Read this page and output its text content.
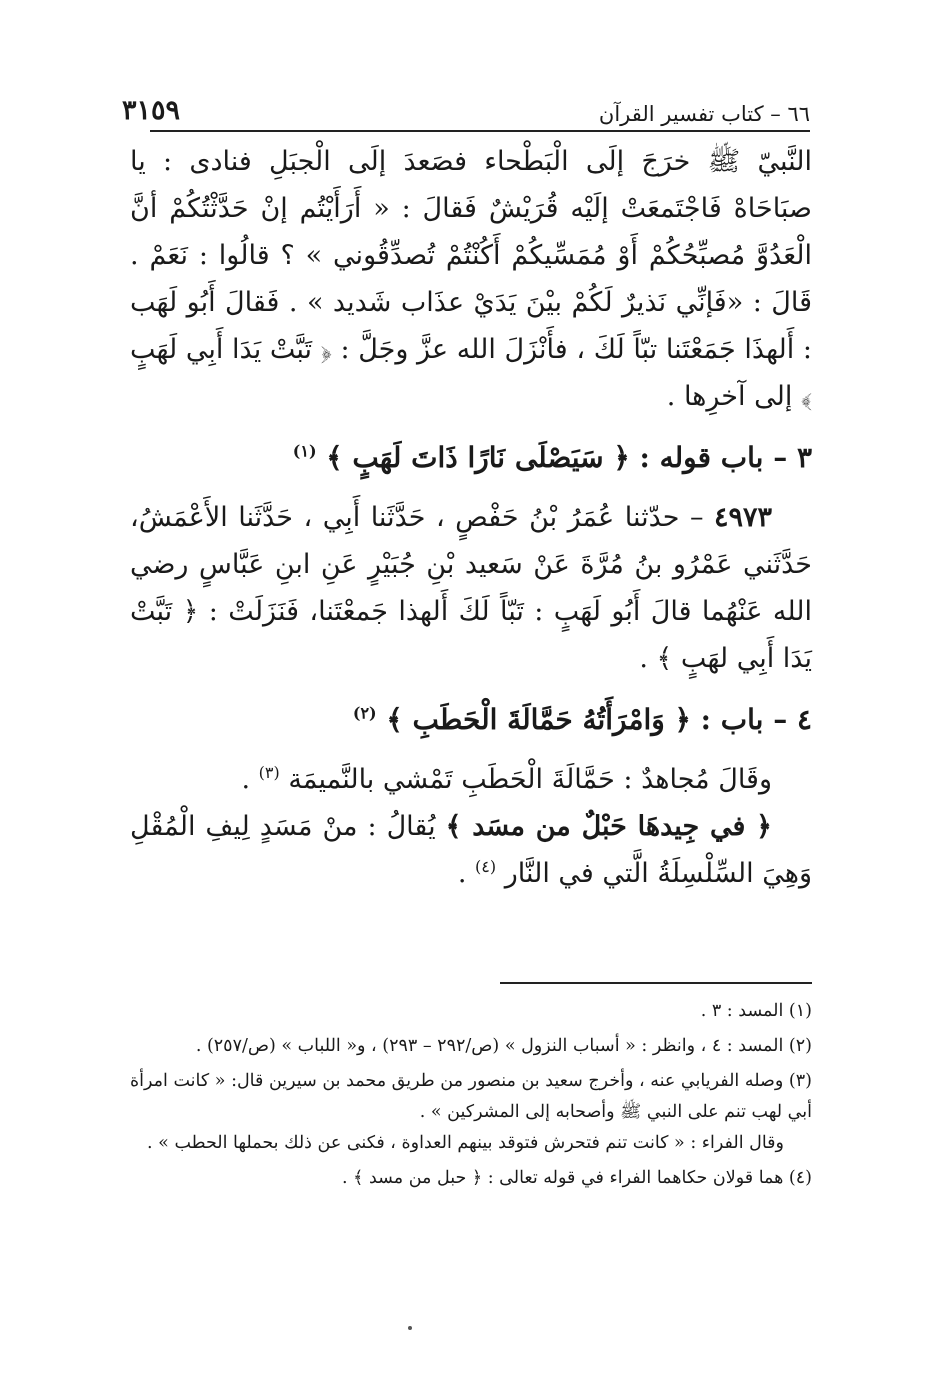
٦٦ – كتاب تفسير القرآن
٣١٥٩

النَّبيّ ﷺ خرَجَ إلَى الْبَطْحاء فصَعدَ إلَى الْجبَلِ فنادى : يا صبَاحَاهْ فَاجْتَمعَتْ إلَيْه قُرَيْشٌ فَقالَ : « أَرَأَيْتُم إنْ حَدَّثْتُكُمْ أنَّ الْعَدُوَّ مُصبِّحُكُمْ أَوْ مُمَسِّيكُمْ أَكُنْتُمْ تُصدِّقُوني » ؟ قالُوا : نَعَمْ . قَالَ : «فَإنِّي نَذيرٌ لَكُمْ بيْنَ يَدَيْ عذَاب شَديد » . فَقالَ أَبُو لَهَب : أَلهذَا جَمَعْتَنا تبّاً لَكَ ، فأَنْزَلَ الله عزَّ وجَلَّ : ﴿ تَبَّتْ يَدَا أَبِي لَهَبٍ ﴾ إلى آخرِها .

٣ – باب قوله : ﴿ سَيَصْلَى نَارًا ذَاتَ لَهَبٍ ﴾ $^{(١)}$

٤٩٧٣ – حدّثنا عُمَرُ بْنُ حَفْصٍ ، حَدَّثَنا أَبِي ، حَدَّثَنا الأَعْمَشُ، حَدَّثَني عَمْرُو بنُ مُرَّةَ عَنْ سَعيد بْنِ جُبَيْرٍ عَنِ ابنِ عَبَّاسٍ رضي الله عَنْهُما قالَ أَبُو لَهَبٍ : تَبّاً لَكَ أَلهذا جَمعْتَنا، فَنَزَلَتْ : ﴿ تَبَّتْ يَدَا أَبِي لهَبٍ ﴾ .

٤ – باب : ﴿ وَامْرَأَتُهُ حَمَّالَةَ الْحَطَبِ ﴾ $^{(٢)}$

وقَالَ مُجاهدٌ : حَمَّالَةَ الْحَطَبِ تَمْشي بالنَّميمَة $^{(٣)}$ .

﴿ في جِيدهَا حَبْلٌ من مسَد ﴾ يُقالُ : منْ مَسَدٍ لِيفِ الْمُقْلِ وَهِيَ السِّلْسِلَةُ الَّتي في النَّار $^{(٤)}$ .

(١) المسد : ٣ .

(٢) المسد : ٤ ، وانظر : « أسباب النزول » (ص/٢٩٢ – ٢٩٣) ، و« اللباب » (ص/٢٥٧) .

(٣) وصله الفريابي عنه ، وأخرج سعيد بن منصور من طريق محمد بن سيرين قال: « كانت امرأة أبي لهب تنم على النبي ﷺ وأصحابه إلى المشركين » .

وقال الفراء : « كانت تنم فتحرش فتوقد بينهم العداوة ، فكنى عن ذلك بحملها الحطب » .

(٤) هما قولان حكاهما الفراء في قوله تعالى : ﴿ حبل من مسد ﴾ .
